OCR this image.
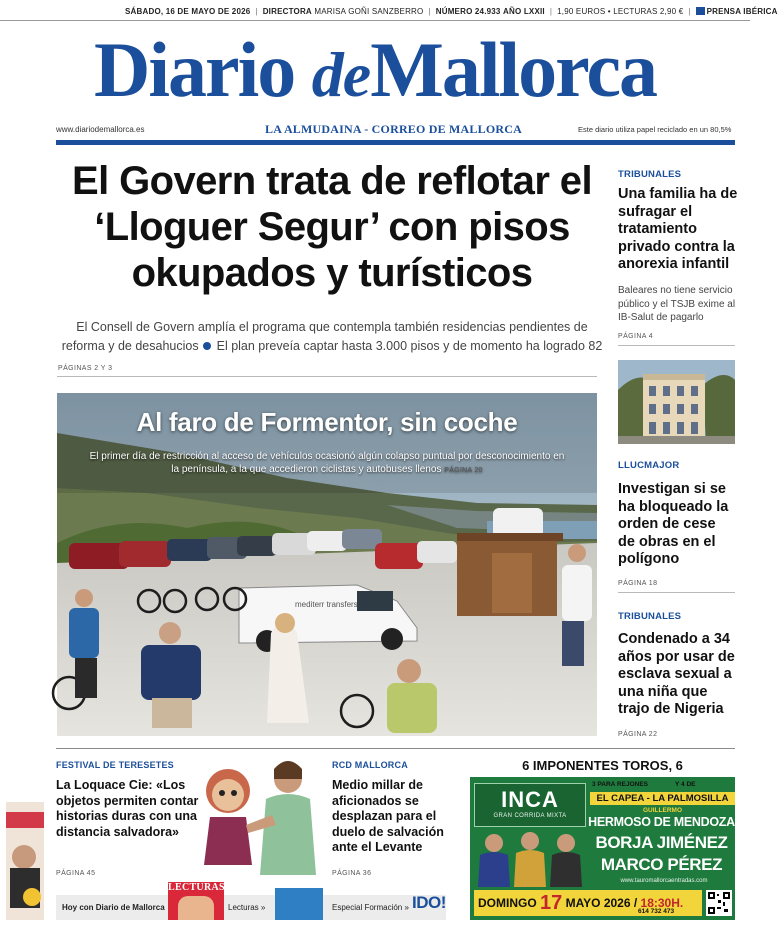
SÁBADO, 16 DE MAYO DE 2026 | DIRECTORA MARISA GOÑI SANZBERRO | NÚMERO 24.933 AÑO LXXII | 1,90 EUROS • LECTURAS 2,90 € | PRENSA IBÉRICA
Diario deMallorca
www.diariodemallorca.es	LA ALMUDAINA - CORREO DE MALLORCA	Este diario utiliza papel reciclado en un 80,5%
El Govern trata de reflotar el ‘Lloguer Segur’ con pisos okupados y turísticos
El Consell de Govern amplía el programa que contempla también residencias pendientes de reforma y de desahucios El plan preveía captar hasta 3.000 pisos y de momento ha logrado 82
PÁGINAS 2 Y 3
mediterr transfers
Al faro de Formentor, sin coche
El primer día de restricción al acceso de vehículos ocasionó algún colapso puntual por desconocimiento en la península, a la que accedieron ciclistas y autobuses llenos PÁGINA 20
TRIBUNALES
Una familia ha de sufragar el tratamiento privado contra la anorexia infantil
Baleares no tiene servicio público y el TSJB exime al IB-Salut de pagarlo
PÁGINA 4
LLUCMAJOR
Investigan si se ha bloqueado la orden de cese de obras en el polígono
PÁGINA 18
TRIBUNALES
Condenado a 34 años por usar de esclava sexual a una niña que trajo de Nigeria
PÁGINA 22
FESTIVAL DE TERESETES
La Loquace Cie: «Los objetos permiten contar historias duras con una distancia salvadora»
PÁGINA 45
RCD MALLORCA
Medio millar de aficionados se desplazan para el duelo de salvación ante el Levante
PÁGINA 36
Hoy con Diario de Mallorca
LECTURAS
Lecturas »	Especial Formación » IDO!
6 IMPONENTES TOROS, 6
INCA
GRAN CORRIDA MIXTA
3 PARA REJONES	Y 4 DE
EL CAPEA - LA PALMOSILLA
GUILLERMO
HERMOSO DE MENDOZA
BORJA JIMÉNEZ
MARCO PÉREZ
www.tauromallorcaentradas.com
DOMINGO 17 MAYO 2026 / 18:30H.
614 732 473
